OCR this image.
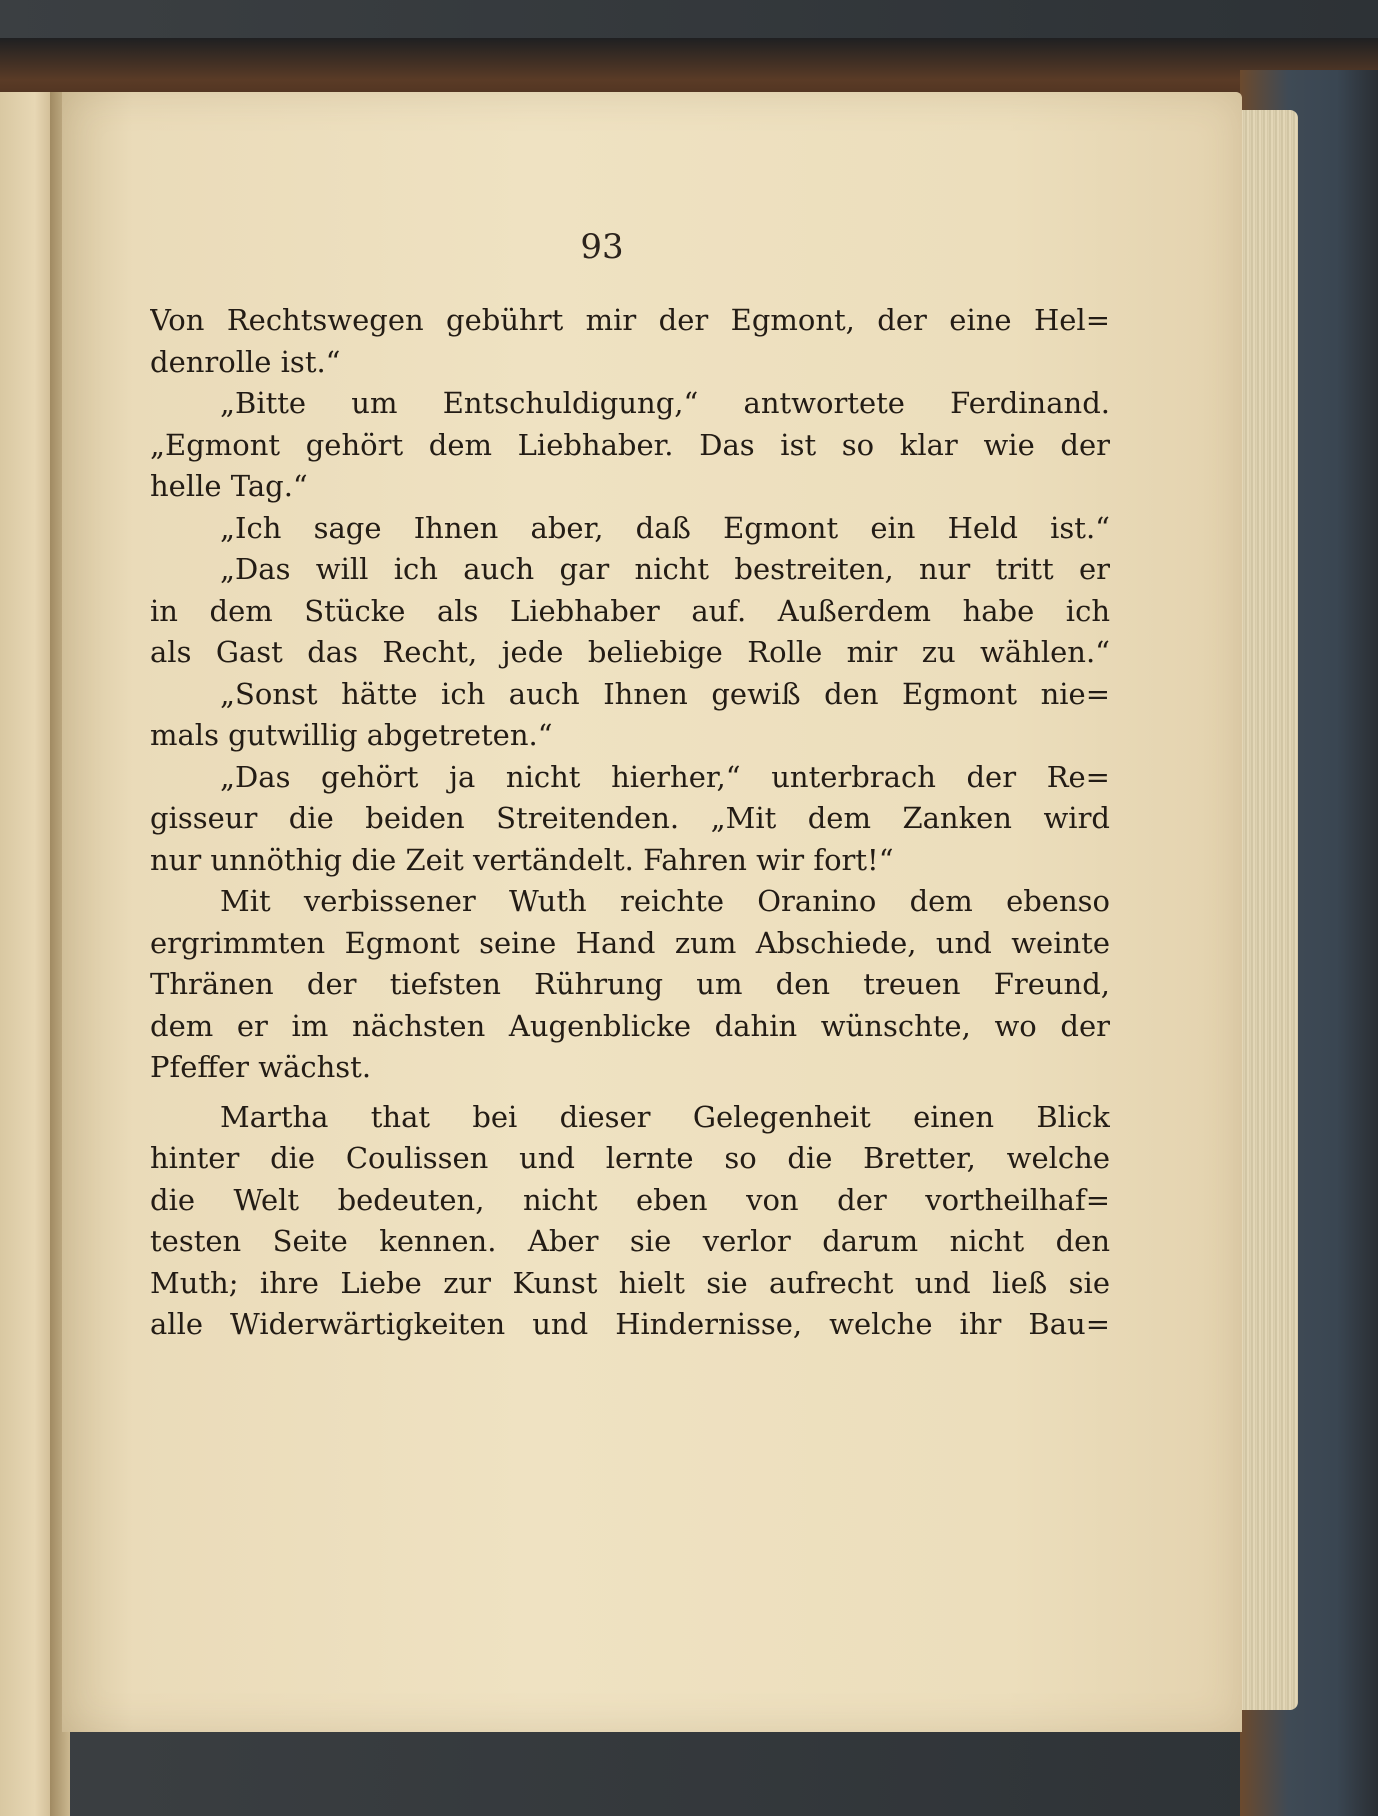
93
Von Rechtswegen gebührt mir der Egmont, der eine Hel=
denrolle ist.“
„Bitte um Entschuldigung,“ antwortete Ferdinand.
„Egmont gehört dem Liebhaber. Das ist so klar wie der
helle Tag.“
„Ich sage Ihnen aber, daß Egmont ein Held ist.“
„Das will ich auch gar nicht bestreiten, nur tritt er
in dem Stücke als Liebhaber auf. Außerdem habe ich
als Gast das Recht, jede beliebige Rolle mir zu wählen.“
„Sonst hätte ich auch Ihnen gewiß den Egmont nie=
mals gutwillig abgetreten.“
„Das gehört ja nicht hierher,“ unterbrach der Re=
gisseur die beiden Streitenden. „Mit dem Zanken wird
nur unnöthig die Zeit vertändelt. Fahren wir fort!“
Mit verbissener Wuth reichte Oranino dem ebenso
ergrimmten Egmont seine Hand zum Abschiede, und weinte
Thränen der tiefsten Rührung um den treuen Freund,
dem er im nächsten Augenblicke dahin wünschte, wo der
Pfeffer wächst.
Martha that bei dieser Gelegenheit einen Blick
hinter die Coulissen und lernte so die Bretter, welche
die Welt bedeuten, nicht eben von der vortheilhaf=
testen Seite kennen. Aber sie verlor darum nicht den
Muth; ihre Liebe zur Kunst hielt sie aufrecht und ließ sie
alle Widerwärtigkeiten und Hindernisse, welche ihr Bau=
